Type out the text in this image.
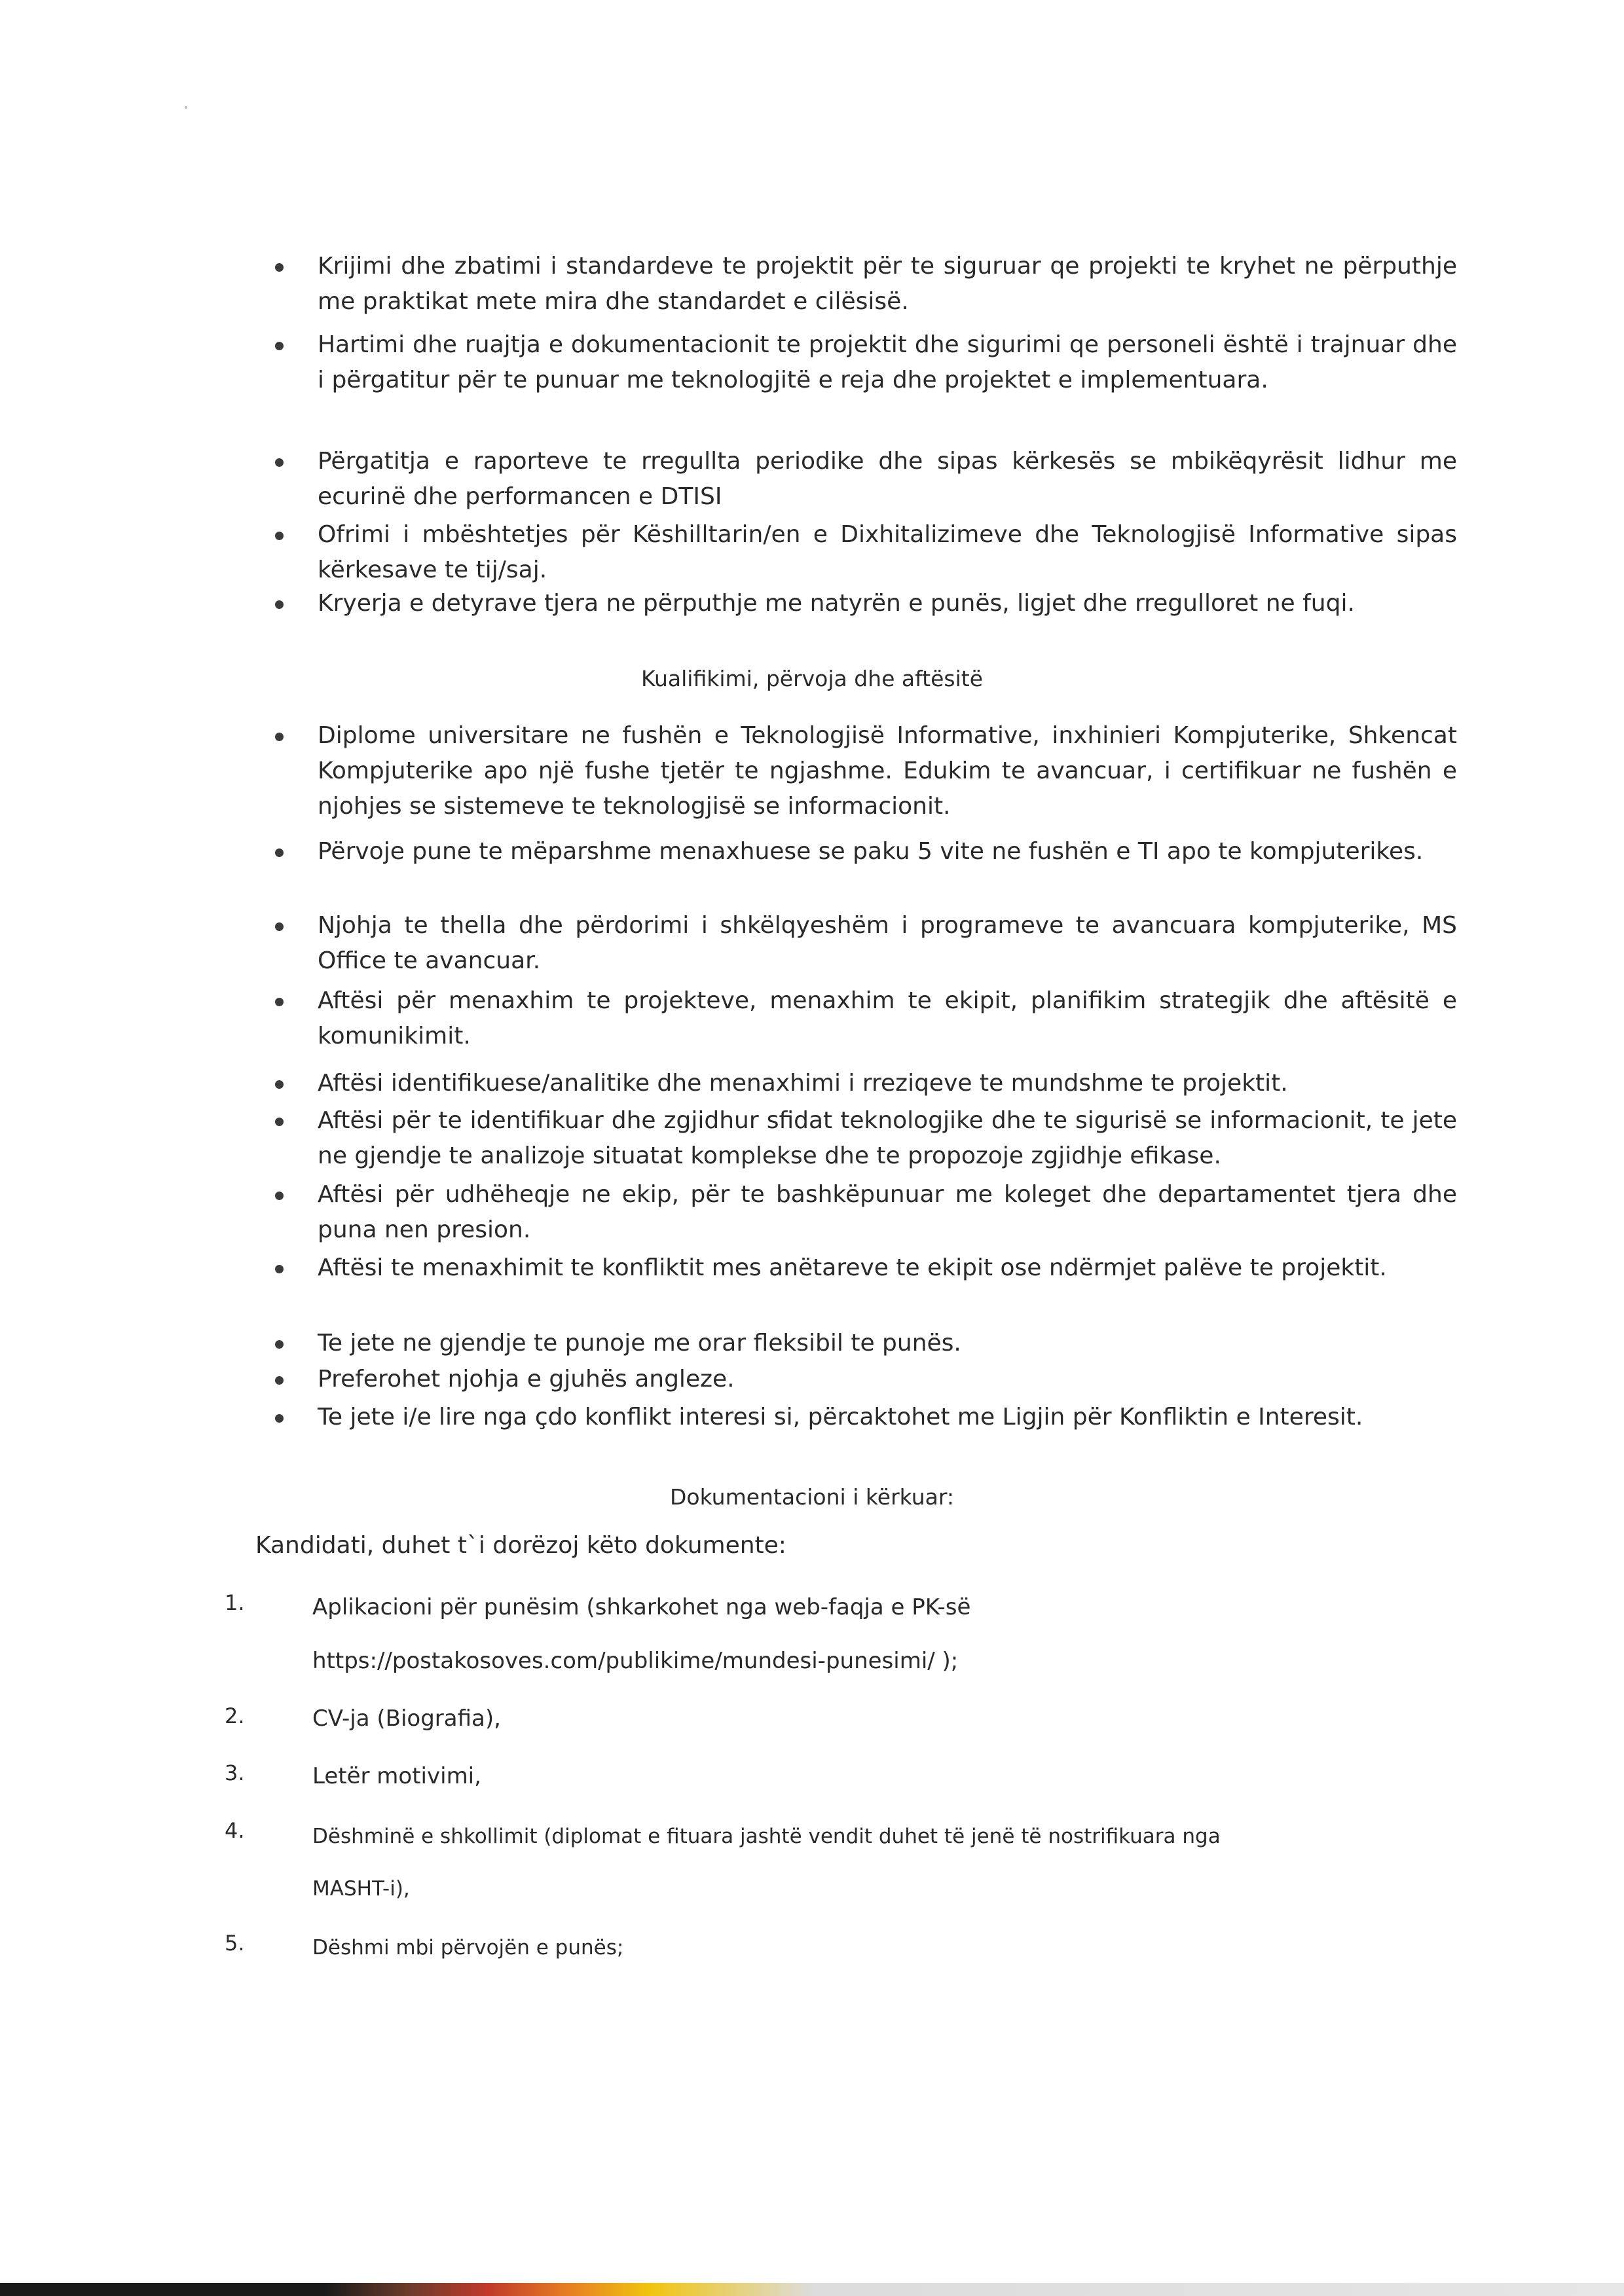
Krijimi dhe zbatimi i standardeve te projektit për te siguruar qe projekti te kryhet ne përputhje me praktikat mete mira dhe standardet e cilësisë.
Hartimi dhe ruajtja e dokumentacionit te projektit dhe sigurimi qe personeli është i trajnuar dhe i përgatitur për te punuar me teknologjitë e reja dhe projektet e implementuara.
Përgatitja e raporteve te rregullta periodike dhe sipas kërkesës se mbikëqyrësit lidhur me ecurinë dhe performancen e DTISI
Ofrimi i mbështetjes për Këshilltarin/en e Dixhitalizimeve dhe Teknologjisë Informative sipas kërkesave te tij/saj.
Kryerja e detyrave tjera ne përputhje me natyrën e punës, ligjet dhe rregulloret ne fuqi.
Kualifikimi, përvoja dhe aftësitë
Diplome universitare ne fushën e Teknologjisë Informative, inxhinieri Kompjuterike, Shkencat Kompjuterike apo një fushe tjetër te ngjashme. Edukim te avancuar, i certifikuar ne fushën e njohjes se sistemeve te teknologjisë se informacionit.
Përvoje pune te mëparshme menaxhuese se paku 5 vite ne fushën e TI apo te kompjuterikes.
Njohja te thella dhe përdorimi i shkëlqyeshëm i programeve te avancuara kompjuterike, MS Office te avancuar.
Aftësi për menaxhim te projekteve, menaxhim te ekipit, planifikim strategjik dhe aftësitë e komunikimit.
Aftësi identifikuese/analitike dhe menaxhimi i rreziqeve te mundshme te projektit.
Aftësi për te identifikuar dhe zgjidhur sfidat teknologjike dhe te sigurisë se informacionit, te jete ne gjendje te analizoje situatat komplekse dhe te propozoje zgjidhje efikase.
Aftësi për udhëheqje ne ekip, për te bashkëpunuar me koleget dhe departamentet tjera dhe puna nen presion.
Aftësi te menaxhimit te konfliktit mes anëtareve te ekipit ose ndërmjet palëve te projektit.
Te jete ne gjendje te punoje me orar fleksibil te punës.
Preferohet njohja e gjuhës angleze.
Te jete i/e lire nga çdo konflikt interesi si, përcaktohet me Ligjin për Konfliktin e Interesit.
Dokumentacioni i kërkuar:
Kandidati, duhet t`i dorëzoj këto dokumente:
1.	Aplikacioni për punësim (shkarkohet nga web-faqja e PK-së
https://postakosoves.com/publikime/mundesi-punesimi/ );
2.	CV-ja (Biografia),
3.	Letër motivimi,
4.	Dëshminë e shkollimit (diplomat e fituara jashtë vendit duhet të jenë të nostrifikuara nga
MASHT-i),
5.	Dëshmi mbi përvojën e punës;
